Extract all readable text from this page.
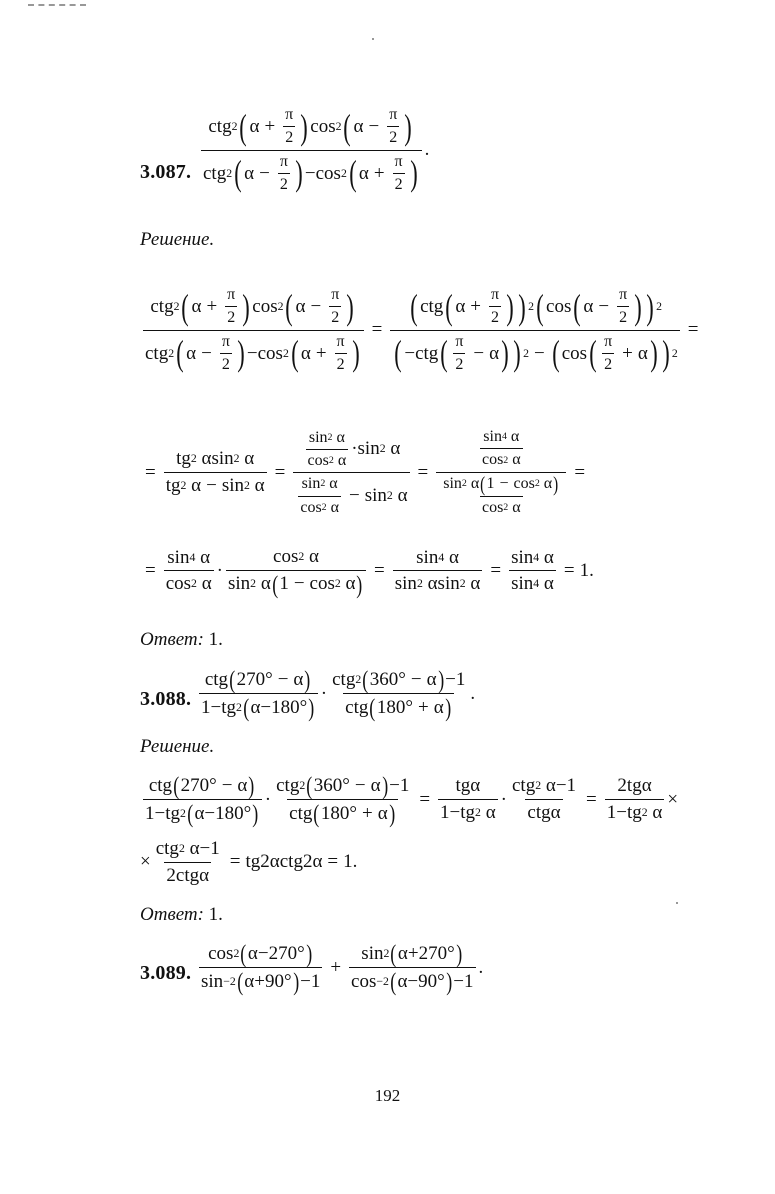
3.087.
ctg 2 ( $\alpha + \frac{\pi}{2}$ ) cos 2 ( $\alpha - \frac{\pi}{2}$ )
ctg 2 ( $\alpha - \frac{\pi}{2}$ ) − cos 2 ( $\alpha + \frac{\pi}{2}$ )
.
Решение.
ctg 2 ( $\alpha + \frac{\pi}{2}$ ) cos 2 ( $\alpha - \frac{\pi}{2}$ )
ctg 2 ( $\alpha - \frac{\pi}{2}$ ) − cos 2 ( $\alpha + \frac{\pi}{2}$ )
=
( ctg ( $\alpha + \frac{\pi}{2}$ ) ) 2 ( cos ( $\alpha - \frac{\pi}{2}$ ) ) 2
( − ctg ( $\frac{\pi}{2} - \alpha$ ) ) 2 − ( cos ( $\frac{\pi}{2} + \alpha$ ) ) 2
=
= tg 2
α sin 2
α
tg 2
α − sin 2
α = sin 2
α
cos 2
α · sin 2
α
sin 2
α
cos 2
α − sin 2
α = sin 4
α
cos 2
α
sin 2
α ( 1 − cos 2
α )
cos 2
α =
= sin 4
α
cos 2
α · cos 2
α
sin 2
α ( 1 − cos 2
α ) = sin 4
α
sin 2
α sin 2
α = sin 4
α
sin 4
α = 1 .
Ответ: 1.
3.088. $\frac{\text{ctg ( 270° − α )}}{1 - tg 2 ( \alpha - 180^\circ )} \cdot \frac{\text{ctg 2 ( 360° − α ) − 1}}{\text{ctg ( 180° + α )}}$ .
Решение.
$\frac{\text{ctg ( 270° − α )}}{1 - tg 2 ( \alpha - 180^\circ )} \cdot \frac{\text{ctg 2 ( 360° − α ) − 1}}{\text{ctg ( 180° + α )}}$ = tg α
1 − tg 2
α · ctg 2
α − 1
ctg α = 2 tg α
1 − tg 2
α ×
× ctg 2
α − 1
2 ctg α = tg 2 α ctg 2 α = 1 .
Ответ: 1.
3.089. $\frac{\cos 2 ( \alpha - 270^\circ )}{\sin -2 ( \alpha + 90^\circ ) - 1} + \frac{\sin 2 ( \alpha + 270^\circ )}{\cos -2 ( \alpha - 90^\circ ) - 1}$ .
192
